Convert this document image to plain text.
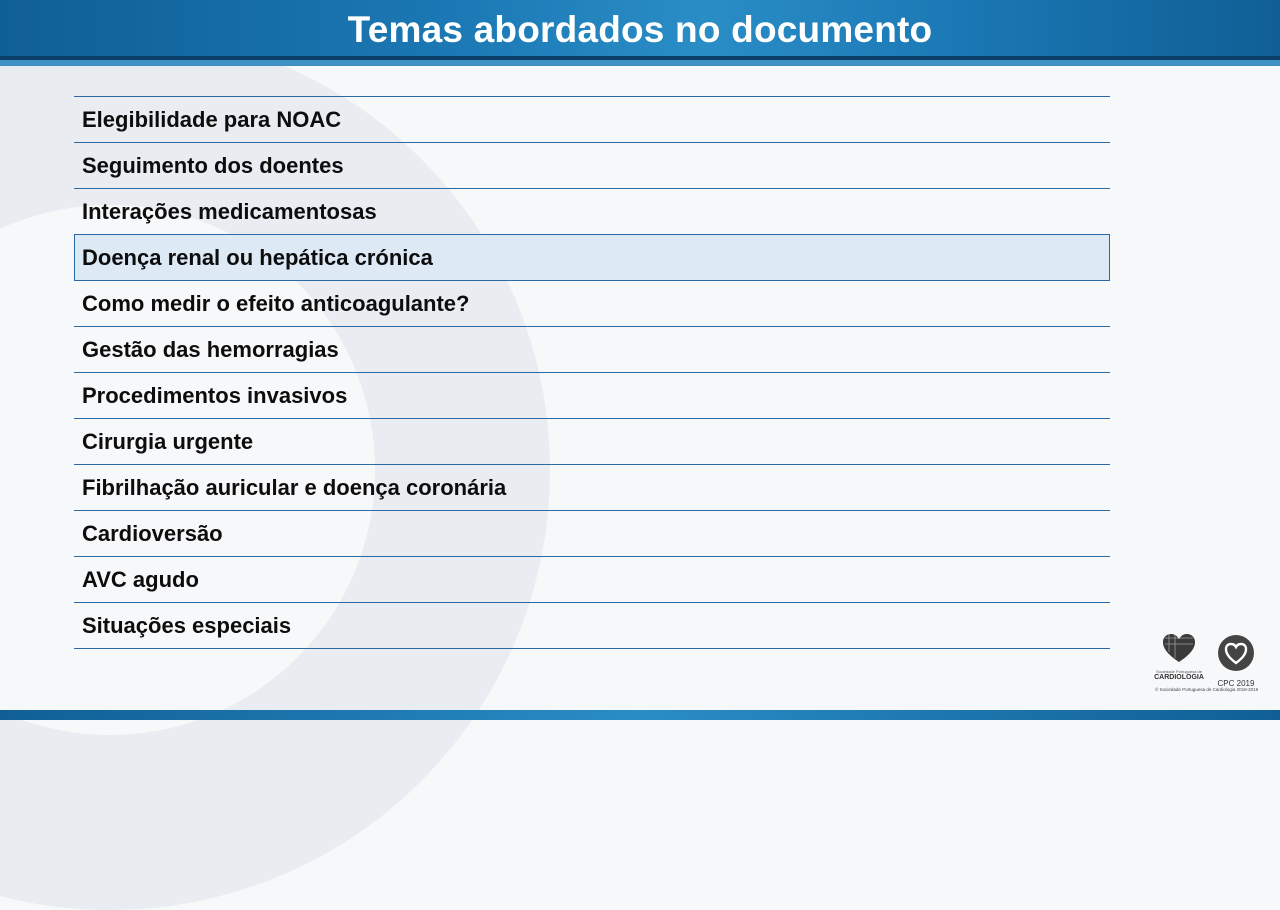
Temas abordados no documento
Elegibilidade para NOAC
Seguimento dos doentes
Interações medicamentosas
Doença renal ou hepática crónica
Como medir o efeito anticoagulante?
Gestão das hemorragias
Procedimentos invasivos
Cirurgia urgente
Fibrilhação auricular e doença coronária
Cardioversão
AVC agudo
Situações especiais
Sociedade Portuguesa de
CARDIOLOGIA
CPC 2019
© Sociedade Portuguesa de Cardiologia 2018-2019
